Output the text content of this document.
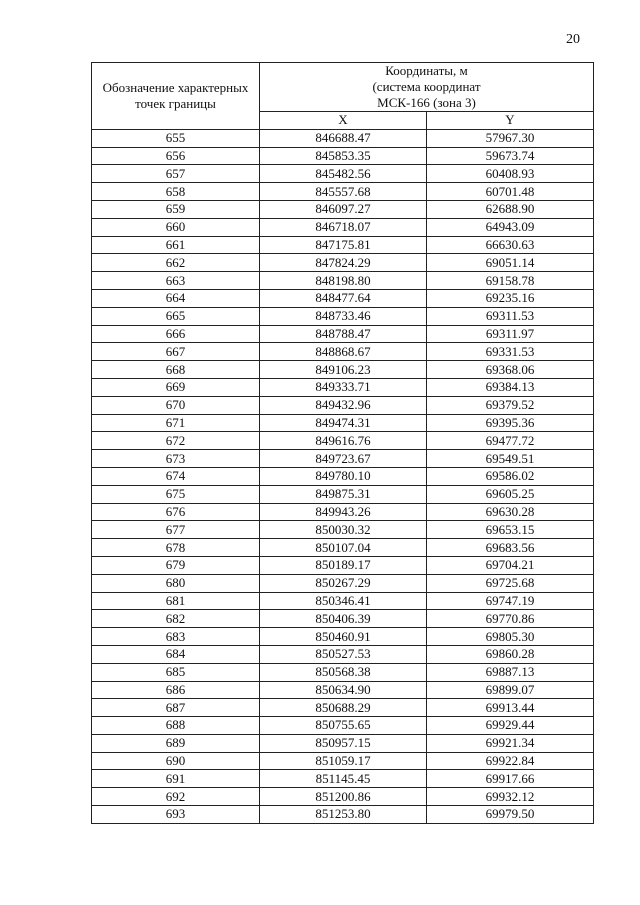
20
Обозначение характерных точек границы	Координаты, м
(система координат
МСК-166 (зона 3)	

	X	Y
655	846688.47	57967.30
656	845853.35	59673.74
657	845482.56	60408.93
658	845557.68	60701.48
659	846097.27	62688.90
660	846718.07	64943.09
661	847175.81	66630.63
662	847824.29	69051.14
663	848198.80	69158.78
664	848477.64	69235.16
665	848733.46	69311.53
666	848788.47	69311.97
667	848868.67	69331.53
668	849106.23	69368.06
669	849333.71	69384.13
670	849432.96	69379.52
671	849474.31	69395.36
672	849616.76	69477.72
673	849723.67	69549.51
674	849780.10	69586.02
675	849875.31	69605.25
676	849943.26	69630.28
677	850030.32	69653.15
678	850107.04	69683.56
679	850189.17	69704.21
680	850267.29	69725.68
681	850346.41	69747.19
682	850406.39	69770.86
683	850460.91	69805.30
684	850527.53	69860.28
685	850568.38	69887.13
686	850634.90	69899.07
687	850688.29	69913.44
688	850755.65	69929.44
689	850957.15	69921.34
690	851059.17	69922.84
691	851145.45	69917.66
692	851200.86	69932.12
693	851253.80	69979.50
